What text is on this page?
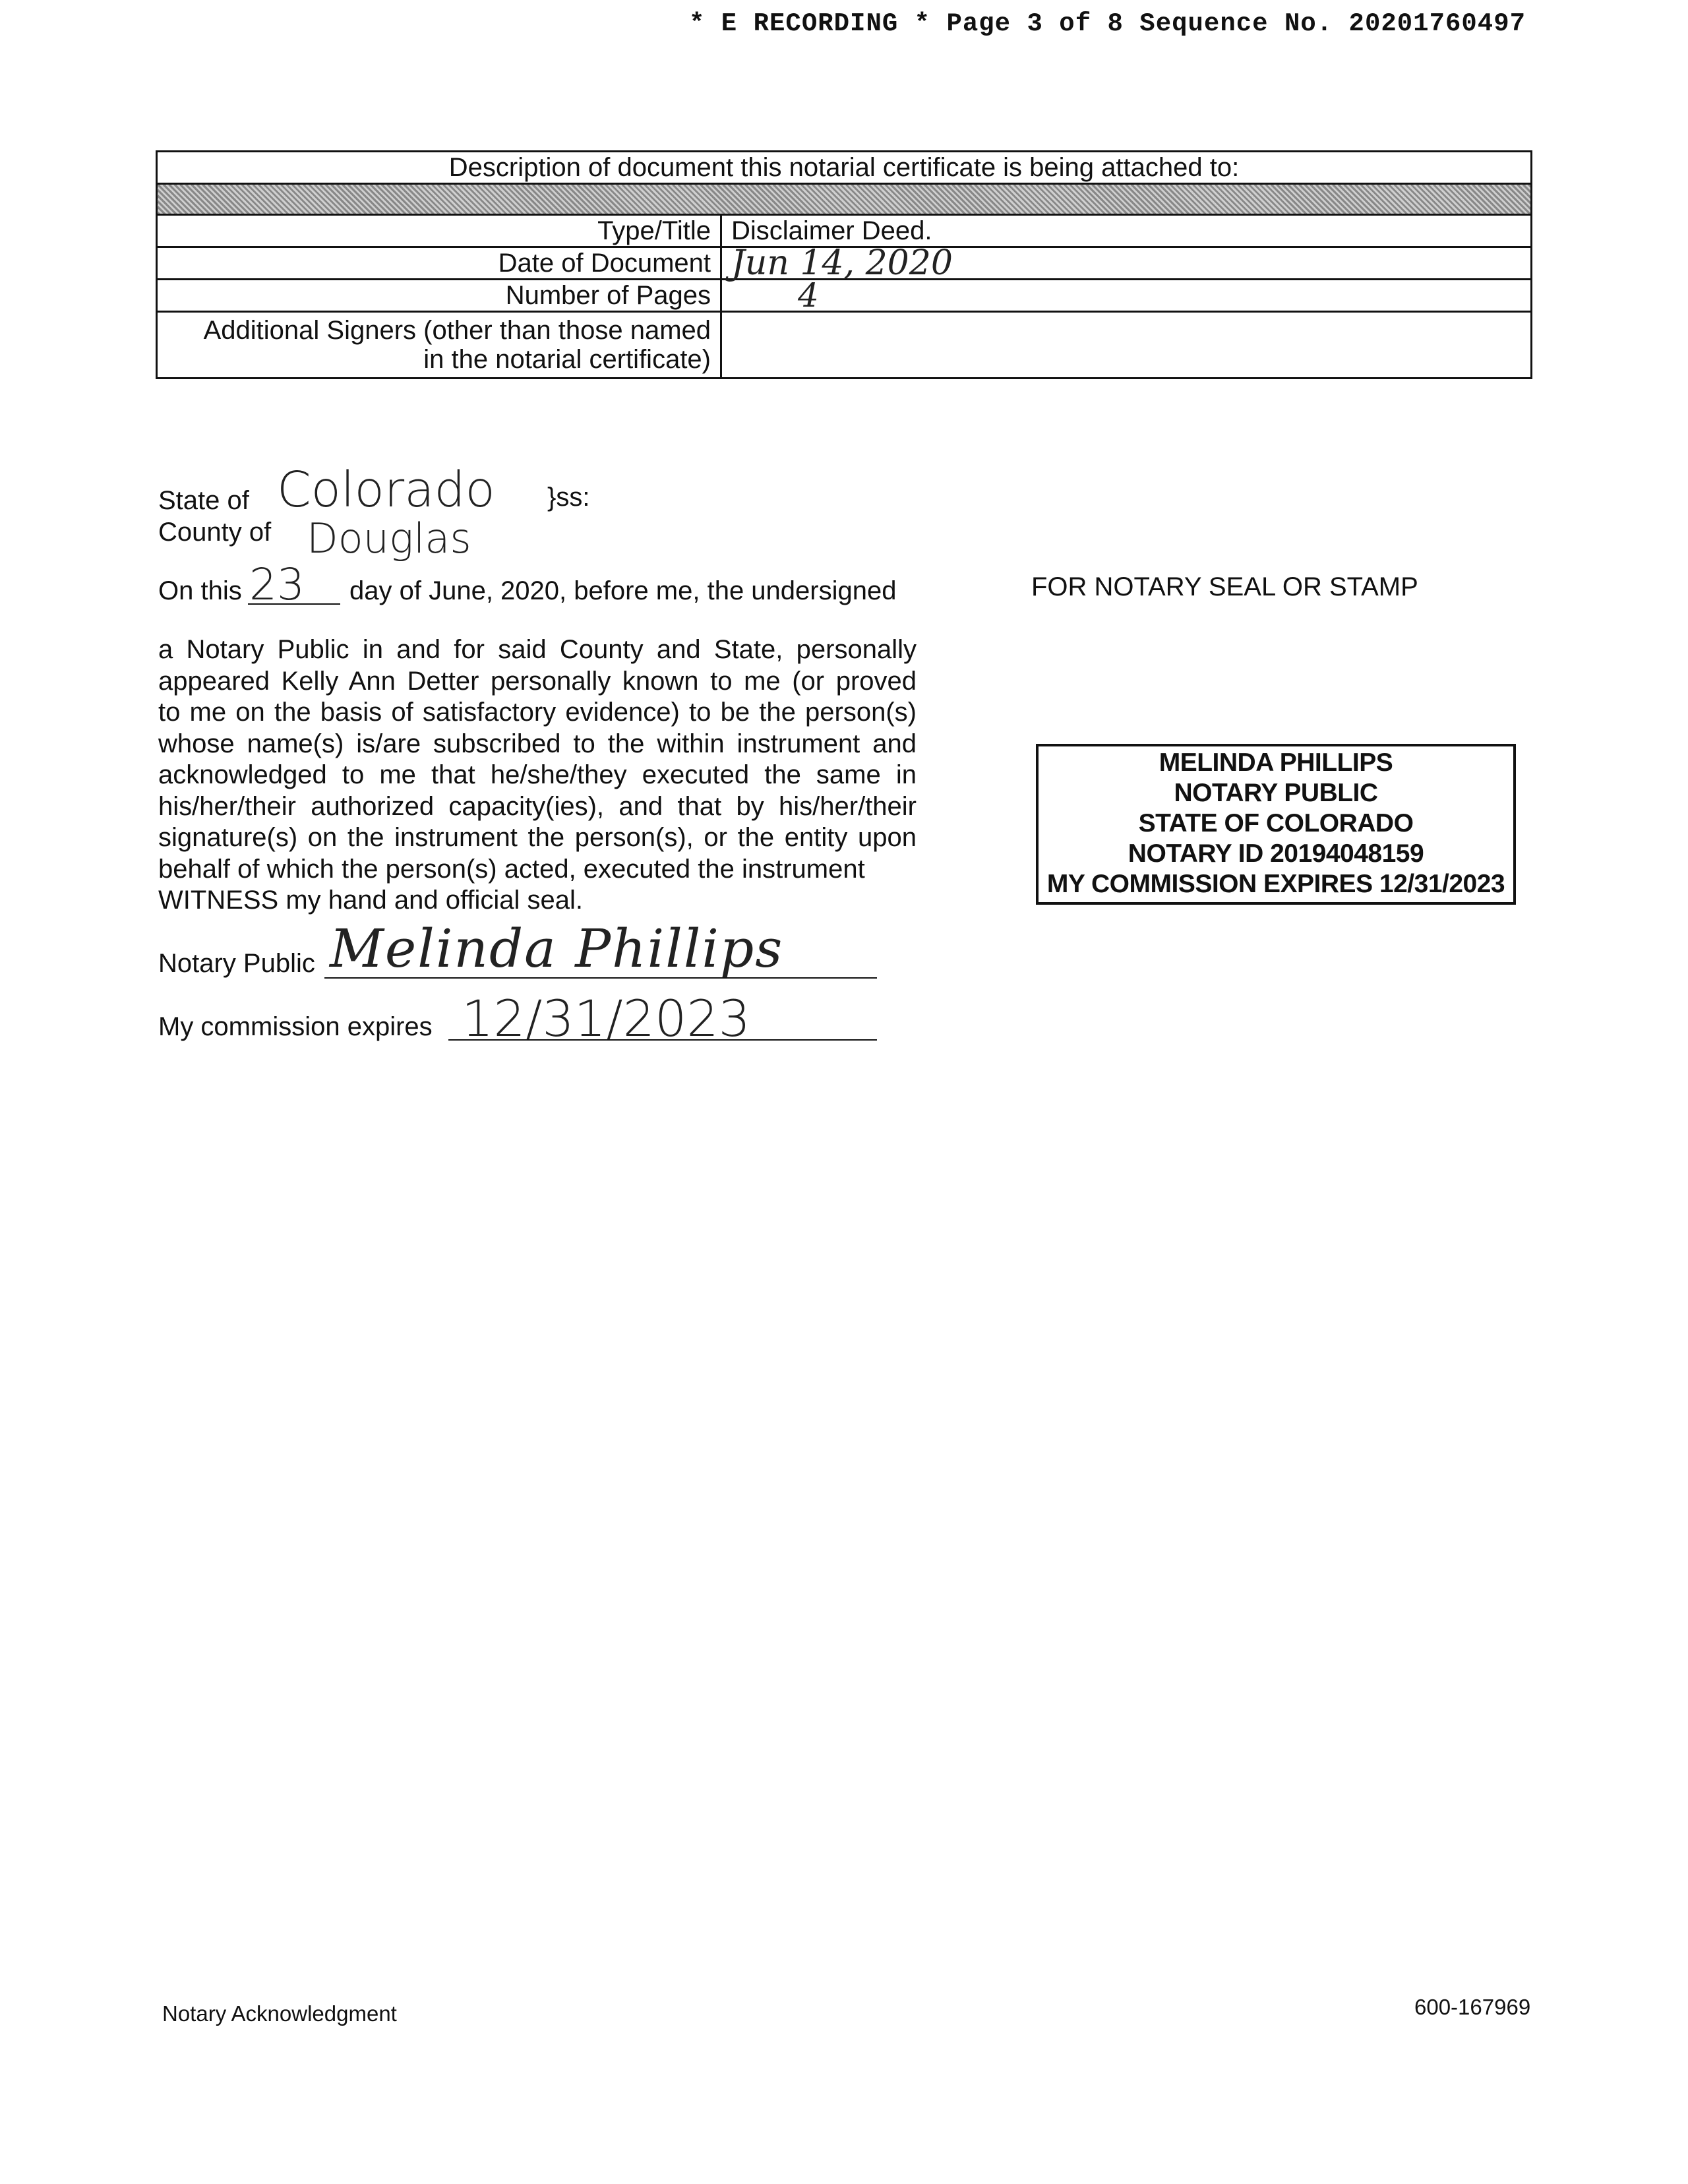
* E RECORDING * Page 3 of 8 Sequence No. 20201760497
Description of document this notarial certificate is being attached to:	

Type/Title	Disclaimer Deed.
Date of Document	Jun 14, 2020
Number of Pages	4

Additional Signers (other than those named
in the notarial certificate)	

State of Colorado }ss:
County of Douglas
On this 23 day of June, 2020, before me, the undersigned	FOR NOTARY SEAL OR STAMP
a Notary Public in and for said County and State, personally
appeared Kelly Ann Detter personally known to me (or proved
to me on the basis of satisfactory evidence) to be the person(s)
whose name(s) is/are subscribed to the within instrument and
acknowledged to me that he/she/they executed the same in
his/her/their authorized capacity(ies), and that by his/her/their
signature(s) on the instrument the person(s), or the entity upon
behalf of which the person(s) acted, executed the instrument
WITNESS my hand and official seal.
MELINDA PHILLIPS
NOTARY PUBLIC
STATE OF COLORADO
NOTARY ID 20194048159
MY COMMISSION EXPIRES 12/31/2023
Notary Public Melinda Phillips
My commission expires 12/31/2023
Notary Acknowledgment	600-167969
